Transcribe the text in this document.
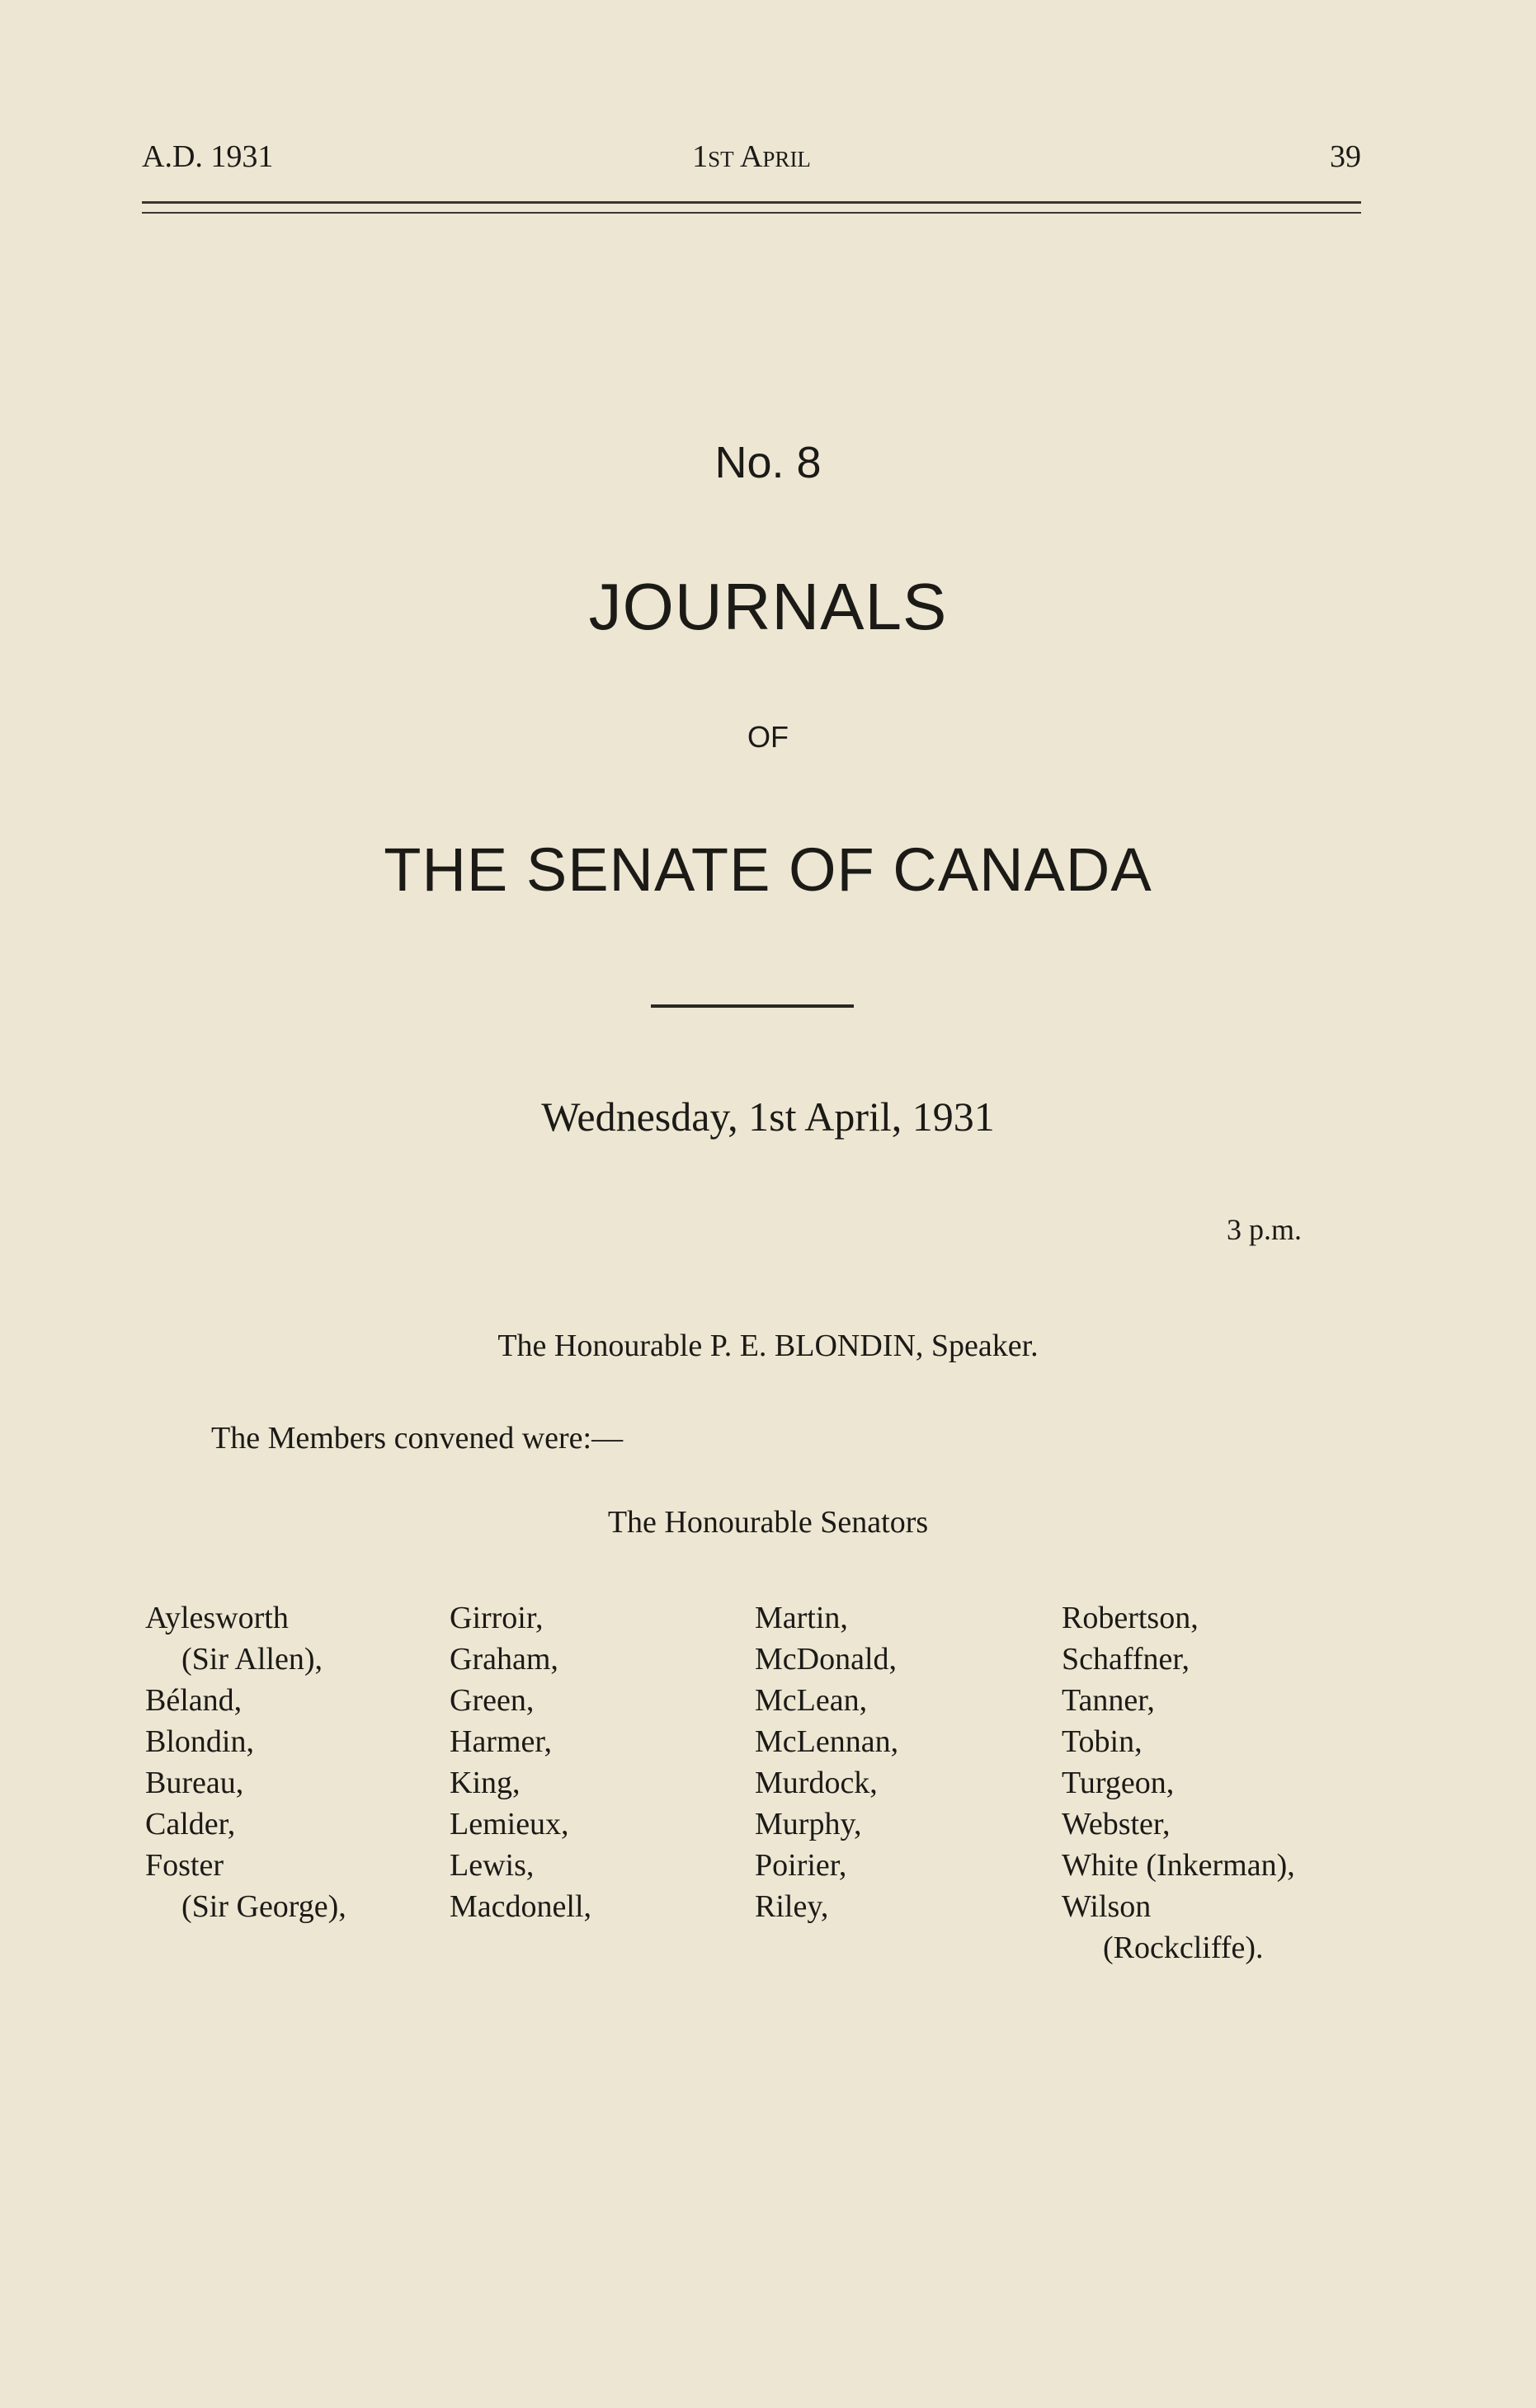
A.D. 1931	1st April	39
No. 8
JOURNALS
OF
THE SENATE OF CANADA
Wednesday, 1st April, 1931
3 p.m.
The Honourable P. E. BLONDIN, Speaker.
The Members convened were:—
The Honourable Senators
Aylesworth
(Sir Allen),
Béland,
Blondin,
Bureau,
Calder,
Foster
(Sir George),
Girroir,
Graham,
Green,
Harmer,
King,
Lemieux,
Lewis,
Macdonell,
Martin,
McDonald,
McLean,
McLennan,
Murdock,
Murphy,
Poirier,
Riley,
Robertson,
Schaffner,
Tanner,
Tobin,
Turgeon,
Webster,
White (Inkerman),
Wilson
(Rockcliffe).
